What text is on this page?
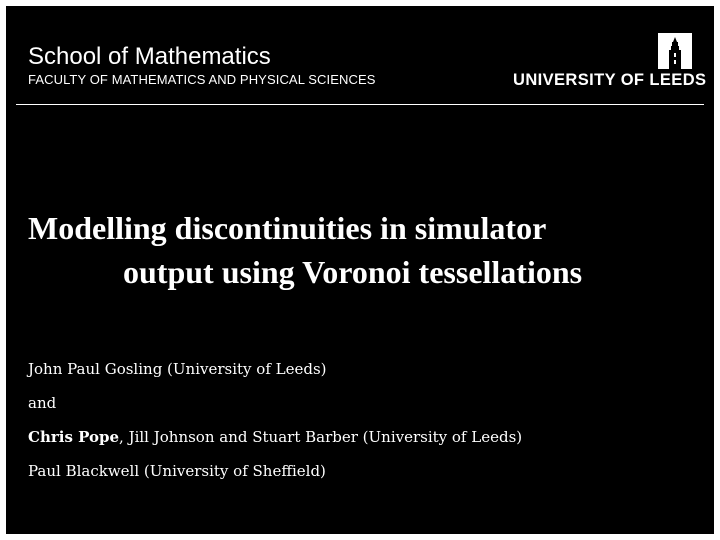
School of Mathematics
FACULTY OF MATHEMATICS AND PHYSICAL SCIENCES	UNIVERSITY OF LEEDS
Modelling discontinuities in simulator
output using Voronoi tessellations
John Paul Gosling (University of Leeds)
and
Chris Pope, Jill Johnson and Stuart Barber (University of Leeds)
Paul Blackwell (University of Sheffield)
